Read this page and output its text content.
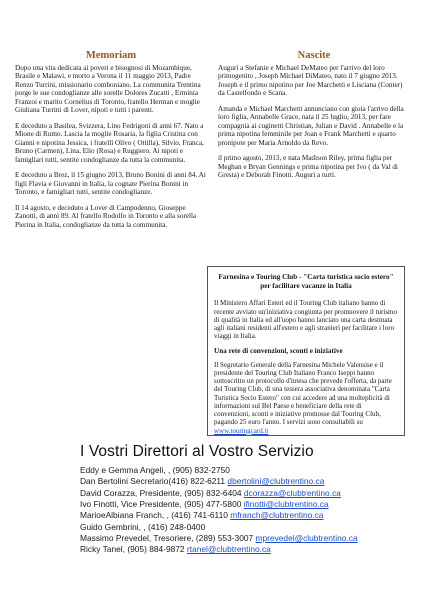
Memoriam

Dopo una vita dedicata ai poveri e bisognosi di Mozambique, Brasile e Malawi, e morto a Verona il 11 maggio 2013, Padre Renzo Turrini, missionario comboniano. La communita Trentina porge le sue condoglianze alle sorelle Dolores Zucatti , Erminia Franzoi e marito Cornelius di Toronto, fratello Herman e moglie Giuliana Turrini di Lover, nipoti e tutti i parenti.

E deceduto a Basilea, Svizzera, Lino Fedrigoni di anni 67. Nato a Mione di Rumo. Lascia la moglie Rosaria, la figlia Cristina con Gianni e nipotina Jessica, i fratelli Olivo ( Ottilla), Silvio, Franca, Bruno (Carmen), Lina, Elio (Rosa) e Ruggiero. Ai nipoti e famigliari tutti, sentite condoglianze da tutta la communita.

E deceduto a Brez, il 15 giugno 2013, Bruno Bonini di anni 84. Ai figli Flavia e Giovanni in Italia, la cognate Pierina Bonini in Toronto, e famigliari tutti, sentite condoglianze.

Il 14 agosto, e deceduto a Lover di Campodenno, Gioseppe Zanotti, di anni 89. Al fratello Rodolfo in Toronto e alla sorella Pierina in Italia, condoglianze da tutta la communita.

Nascite

Auguri a Stefanie e Michael DeMateo per l'arrivo del loro primogenito , Joseph Michael DiMateo, nato il 7 giugno 2013. Joseph e il primo nipotino per Joe Marchetti e Lisciana (Conter) da Castelfondo e Scana.

Amanda e Michael Marchetti annunciano con gioia l'arrivo della loro figlia, Annabelle Grace, nata il 25 luglio, 2013, per fare compagnia ai cuginetti Christian, Julian e David . Annabelle e la prima nipotina femminile per Joan e Frank Marchetti e quarto pronipote per Maria Arnoldo da Revo.

il primo agosto, 2013, e nata Madison Riley, prima figlia per Meghan e Bryan Gennings e prima nipotina per Ivo ( da Val di Gresta) e Deborah Finotti. Auguri a turti.

Farnesina e Touring Club - "Carta turistica socio estero" per facilitare vacanze in Italia

Il Ministero Affari Esteri ed il Touring Club italiano hanno di recente avviato un'iniziativa congiunta per promuovere il turismo di qualità in Italia ed all'uopo hanno lanciato una carta destinata agli italiani residenti all'estero e agli stranieri per facilitare i loro viaggi in Italia.

Una rete di convenzioni, sconti e iniziative

Il Segretario Generale della Farnesina Michele Valensise e il presidente del Touring Club Italiano Franco Iseppi hanno sottoscritto un protocollo d'intesa che prevede l'offerta, da parte del Touring Club, di una tessera associativa denominata "Carta Turistica Socio Estero" con cui accedere ad una molteplicità di informazioni sul Bel Paese e beneficiare della rete di convenzioni, sconti e iniziative promosse dal Touring Club, pagando 25 euro l'anno. I servizi sono consultabili su www.touringcard.it

I Vostri Direttori al Vostro Servizio

Eddy e Gemma Angeli, , (905) 832-2750

Dan Bertolini Secretario(416) 822-6211 dbertolini@clubtrentino.ca

David Corazza, Presidente, (905) 832-6404 dcorazza@clubtrentino.ca

Ivo Finotti, Vice Presidente, (905) 477-5800 ifinotti@clubtrentino.ca

MarioeAlbiana Franch, , (416) 741-6110 mfranch@clubtrentino.ca

Guido Gembrini, , (416) 248-0400

Massimo Prevedel, Tresoriere, (289) 553-3007 mprevedel@clubtrentino.ca

Ricky Tanel, (905) 884-9872 rtanel@clubtrentino.ca
